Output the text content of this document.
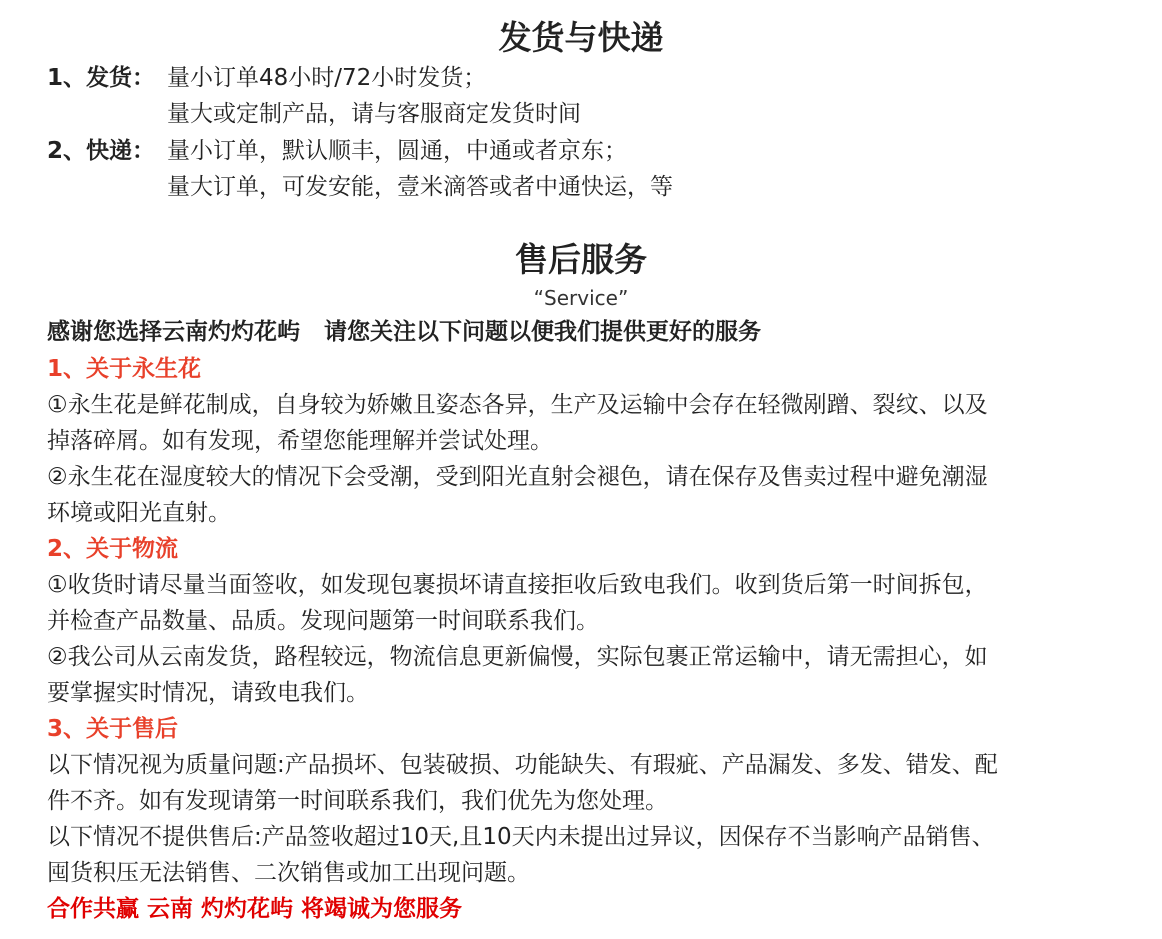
发货与快递
1、发货： 量小订单48小时/72小时发货；
量大或定制产品，请与客服商定发货时间
2、快递： 量小订单，默认顺丰，圆通，中通或者京东；
量大订单，可发安能，壹米滴答或者中通快运，等
售后服务
“Service”
感谢您选择云南灼灼花屿 请您关注以下问题以便我们提供更好的服务
1、关于永生花
①永生花是鲜花制成，自身较为娇嫩且姿态各异，生产及运输中会存在轻微剐蹭、裂纹、以及
掉落碎屑。如有发现，希望您能理解并尝试处理。
②永生花在湿度较大的情况下会受潮，受到阳光直射会褪色，请在保存及售卖过程中避免潮湿
环境或阳光直射。
2、关于物流
①收货时请尽量当面签收，如发现包裹损坏请直接拒收后致电我们。收到货后第一时间拆包，
并检查产品数量、品质。发现问题第一时间联系我们。
②我公司从云南发货，路程较远，物流信息更新偏慢，实际包裹正常运输中，请无需担心，如
要掌握实时情况，请致电我们。
3、关于售后
以下情况视为质量问题:产品损坏、包装破损、功能缺失、有瑕疵、产品漏发、多发、错发、配
件不齐。如有发现请第一时间联系我们，我们优先为您处理。
以下情况不提供售后:产品签收超过10天,且10天内未提出过异议，因保存不当影响产品销售、
囤货积压无法销售、二次销售或加工出现问题。
合作共赢 云南 灼灼花屿 将竭诚为您服务
